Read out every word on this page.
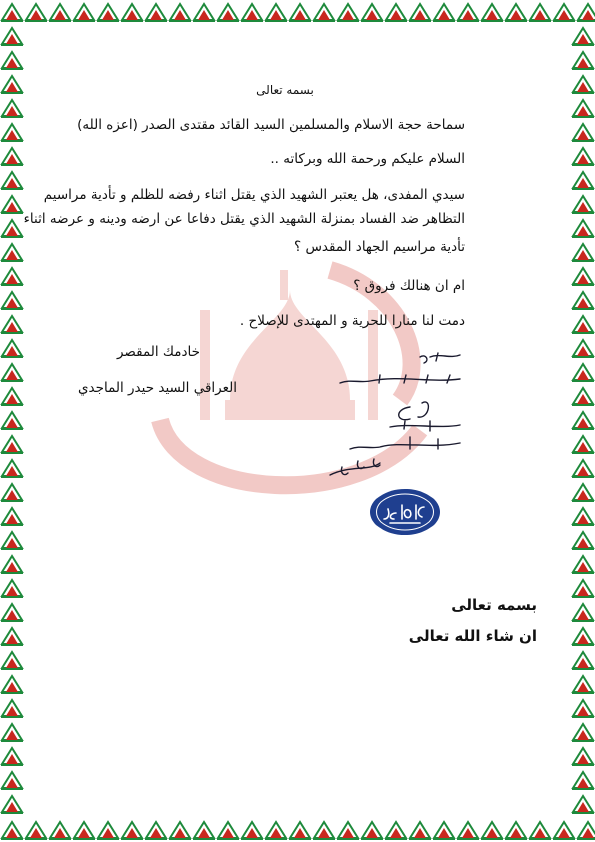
بسمه تعالى
سماحة حجة الاسلام والمسلمين السيد القائد مقتدى الصدر (اعزه الله)
السلام عليكم ورحمة الله وبركاته ..
سيدي المفدى، هل يعتبر الشهيد الذي يقتل اثناء رفضه للظلم و تأدية مراسيم
التظاهر ضد الفساد بمنزلة الشهيد الذي يقتل دفاعا عن ارضه ودينه و عرضه اثناء
تأدية مراسيم الجهاد المقدس ؟
ام ان هنالك فروق ؟
دمت لنا منارا للحرية و المهتدى للإصلاح .
خادمك المقصر
العراقي السيد حيدر الماجدي
بسمه تعالى
ان شاء الله تعالى
